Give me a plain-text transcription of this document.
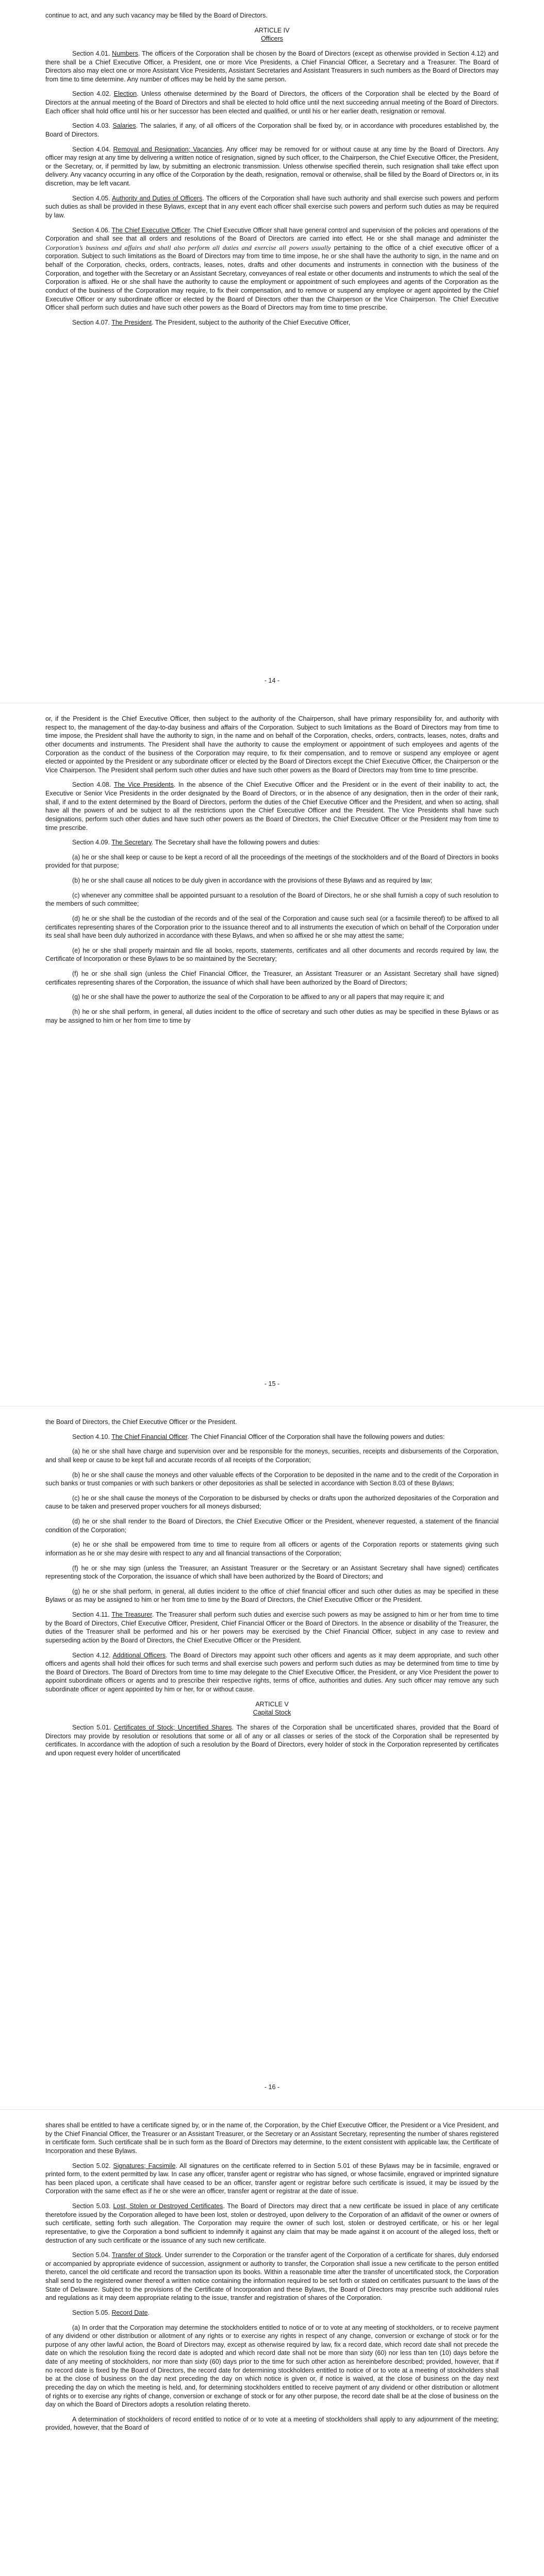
continue to act, and any such vacancy may be filled by the Board of Directors.

ARTICLE IV
Officers

Section 4.01. Numbers. The officers of the Corporation shall be chosen by the Board of Directors (except as otherwise provided in Section 4.12) and there shall be a Chief Executive Officer, a President, one or more Vice Presidents, a Chief Financial Officer, a Secretary and a Treasurer. The Board of Directors also may elect one or more Assistant Vice Presidents, Assistant Secretaries and Assistant Treasurers in such numbers as the Board of Directors may from time to time determine. Any number of offices may be held by the same person.

Section 4.02. Election. Unless otherwise determined by the Board of Directors, the officers of the Corporation shall be elected by the Board of Directors at the annual meeting of the Board of Directors and shall be elected to hold office until the next succeeding annual meeting of the Board of Directors. Each officer shall hold office until his or her successor has been elected and qualified, or until his or her earlier death, resignation or removal.

Section 4.03. Salaries. The salaries, if any, of all officers of the Corporation shall be fixed by, or in accordance with procedures established by, the Board of Directors.

Section 4.04. Removal and Resignation; Vacancies. Any officer may be removed for or without cause at any time by the Board of Directors. Any officer may resign at any time by delivering a written notice of resignation, signed by such officer, to the Chairperson, the Chief Executive Officer, the President, or the Secretary, or, if permitted by law, by submitting an electronic transmission. Unless otherwise specified therein, such resignation shall take effect upon delivery. Any vacancy occurring in any office of the Corporation by the death, resignation, removal or otherwise, shall be filled by the Board of Directors or, in its discretion, may be left vacant.

Section 4.05. Authority and Duties of Officers. The officers of the Corporation shall have such authority and shall exercise such powers and perform such duties as shall be provided in these Bylaws, except that in any event each officer shall exercise such powers and perform such duties as may be required by law.

Section 4.06. The Chief Executive Officer. The Chief Executive Officer shall have general control and supervision of the policies and operations of the Corporation and shall see that all orders and resolutions of the Board of Directors are carried into effect. He or she shall manage and administer the Corporation’s business and affairs and shall also perform all duties and exercise all powers usually pertaining to the office of a chief executive officer of a corporation. Subject to such limitations as the Board of Directors may from time to time impose, he or she shall have the authority to sign, in the name and on behalf of the Corporation, checks, orders, contracts, leases, notes, drafts and other documents and instruments in connection with the business of the Corporation, and together with the Secretary or an Assistant Secretary, conveyances of real estate or other documents and instruments to which the seal of the Corporation is affixed. He or she shall have the authority to cause the employment or appointment of such employees and agents of the Corporation as the conduct of the business of the Corporation may require, to fix their compensation, and to remove or suspend any employee or agent appointed by the Chief Executive Officer or any subordinate officer or elected by the Board of Directors other than the Chairperson or the Vice Chairperson. The Chief Executive Officer shall perform such duties and have such other powers as the Board of Directors may from time to time prescribe.

Section 4.07. The President. The President, subject to the authority of the Chief Executive Officer,

- 14 -

or, if the President is the Chief Executive Officer, then subject to the authority of the Chairperson, shall have primary responsibility for, and authority with respect to, the management of the day-to-day business and affairs of the Corporation. Subject to such limitations as the Board of Directors may from time to time impose, the President shall have the authority to sign, in the name and on behalf of the Corporation, checks, orders, contracts, leases, notes, drafts and other documents and instruments. The President shall have the authority to cause the employment or appointment of such employees and agents of the Corporation as the conduct of the business of the Corporation may require, to fix their compensation, and to remove or suspend any employee or agent elected or appointed by the President or any subordinate officer or elected by the Board of Directors except the Chief Executive Officer, the Chairperson or the Vice Chairperson. The President shall perform such other duties and have such other powers as the Board of Directors may from time to time prescribe.

Section 4.08. The Vice Presidents. In the absence of the Chief Executive Officer and the President or in the event of their inability to act, the Executive or Senior Vice Presidents in the order designated by the Board of Directors, or in the absence of any designation, then in the order of their rank, shall, if and to the extent determined by the Board of Directors, perform the duties of the Chief Executive Officer and the President, and when so acting, shall have all the powers of and be subject to all the restrictions upon the Chief Executive Officer and the President. The Vice Presidents shall have such designations, perform such other duties and have such other powers as the Board of Directors, the Chief Executive Officer or the President may from time to time prescribe.

Section 4.09. The Secretary. The Secretary shall have the following powers and duties:

(a) he or she shall keep or cause to be kept a record of all the proceedings of the meetings of the stockholders and of the Board of Directors in books provided for that purpose;

(b) he or she shall cause all notices to be duly given in accordance with the provisions of these Bylaws and as required by law;

(c) whenever any committee shall be appointed pursuant to a resolution of the Board of Directors, he or she shall furnish a copy of such resolution to the members of such committee;

(d) he or she shall be the custodian of the records and of the seal of the Corporation and cause such seal (or a facsimile thereof) to be affixed to all certificates representing shares of the Corporation prior to the issuance thereof and to all instruments the execution of which on behalf of the Corporation under its seal shall have been duly authorized in accordance with these Bylaws, and when so affixed he or she may attest the same;

(e) he or she shall properly maintain and file all books, reports, statements, certificates and all other documents and records required by law, the Certificate of Incorporation or these Bylaws to be so maintained by the Secretary;

(f) he or she shall sign (unless the Chief Financial Officer, the Treasurer, an Assistant Treasurer or an Assistant Secretary shall have signed) certificates representing shares of the Corporation, the issuance of which shall have been authorized by the Board of Directors;

(g) he or she shall have the power to authorize the seal of the Corporation to be affixed to any or all papers that may require it; and

(h) he or she shall perform, in general, all duties incident to the office of secretary and such other duties as may be specified in these Bylaws or as may be assigned to him or her from time to time by

- 15 -

the Board of Directors, the Chief Executive Officer or the President.

Section 4.10. The Chief Financial Officer. The Chief Financial Officer of the Corporation shall have the following powers and duties:

(a) he or she shall have charge and supervision over and be responsible for the moneys, securities, receipts and disbursements of the Corporation, and shall keep or cause to be kept full and accurate records of all receipts of the Corporation;

(b) he or she shall cause the moneys and other valuable effects of the Corporation to be deposited in the name and to the credit of the Corporation in such banks or trust companies or with such bankers or other depositories as shall be selected in accordance with Section 8.03 of these Bylaws;

(c) he or she shall cause the moneys of the Corporation to be disbursed by checks or drafts upon the authorized depositaries of the Corporation and cause to be taken and preserved proper vouchers for all moneys disbursed;

(d) he or she shall render to the Board of Directors, the Chief Executive Officer or the President, whenever requested, a statement of the financial condition of the Corporation;

(e) he or she shall be empowered from time to time to require from all officers or agents of the Corporation reports or statements giving such information as he or she may desire with respect to any and all financial transactions of the Corporation;

(f) he or she may sign (unless the Treasurer, an Assistant Treasurer or the Secretary or an Assistant Secretary shall have signed) certificates representing stock of the Corporation, the issuance of which shall have been authorized by the Board of Directors; and

(g) he or she shall perform, in general, all duties incident to the office of chief financial officer and such other duties as may be specified in these Bylaws or as may be assigned to him or her from time to time by the Board of Directors, the Chief Executive Officer or the President.

Section 4.11. The Treasurer. The Treasurer shall perform such duties and exercise such powers as may be assigned to him or her from time to time by the Board of Directors, Chief Executive Officer, President, Chief Financial Officer or the Board of Directors. In the absence or disability of the Treasurer, the duties of the Treasurer shall be performed and his or her powers may be exercised by the Chief Financial Officer, subject in any case to review and superseding action by the Board of Directors, the Chief Executive Officer or the President.

Section 4.12. Additional Officers. The Board of Directors may appoint such other officers and agents as it may deem appropriate, and such other officers and agents shall hold their offices for such terms and shall exercise such powers and perform such duties as may be determined from time to time by the Board of Directors. The Board of Directors from time to time may delegate to the Chief Executive Officer, the President, or any Vice President the power to appoint subordinate officers or agents and to prescribe their respective rights, terms of office, authorities and duties. Any such officer may remove any such subordinate officer or agent appointed by him or her, for or without cause.

ARTICLE V
Capital Stock

Section 5.01. Certificates of Stock; Uncertified Shares. The shares of the Corporation shall be uncertificated shares, provided that the Board of Directors may provide by resolution or resolutions that some or all of any or all classes or series of the stock of the Corporation shall be represented by certificates. In accordance with the adoption of such a resolution by the Board of Directors, every holder of stock in the Corporation represented by certificates and upon request every holder of uncertificated

- 16 -

shares shall be entitled to have a certificate signed by, or in the name of, the Corporation, by the Chief Executive Officer, the President or a Vice President, and by the Chief Financial Officer, the Treasurer or an Assistant Treasurer, or the Secretary or an Assistant Secretary, representing the number of shares registered in certificate form. Such certificate shall be in such form as the Board of Directors may determine, to the extent consistent with applicable law, the Certificate of Incorporation and these Bylaws.

Section 5.02. Signatures; Facsimile. All signatures on the certificate referred to in Section 5.01 of these Bylaws may be in facsimile, engraved or printed form, to the extent permitted by law. In case any officer, transfer agent or registrar who has signed, or whose facsimile, engraved or imprinted signature has been placed upon, a certificate shall have ceased to be an officer, transfer agent or registrar before such certificate is issued, it may be issued by the Corporation with the same effect as if he or she were an officer, transfer agent or registrar at the date of issue.

Section 5.03. Lost, Stolen or Destroyed Certificates. The Board of Directors may direct that a new certificate be issued in place of any certificate theretofore issued by the Corporation alleged to have been lost, stolen or destroyed, upon delivery to the Corporation of an affidavit of the owner or owners of such certificate, setting forth such allegation. The Corporation may require the owner of such lost, stolen or destroyed certificate, or his or her legal representative, to give the Corporation a bond sufficient to indemnify it against any claim that may be made against it on account of the alleged loss, theft or destruction of any such certificate or the issuance of any such new certificate.

Section 5.04. Transfer of Stock. Under surrender to the Corporation or the transfer agent of the Corporation of a certificate for shares, duly endorsed or accompanied by appropriate evidence of succession, assignment or authority to transfer, the Corporation shall issue a new certificate to the person entitled thereto, cancel the old certificate and record the transaction upon its books. Within a reasonable time after the transfer of uncertificated stock, the Corporation shall send to the registered owner thereof a written notice containing the information required to be set forth or stated on certificates pursuant to the laws of the State of Delaware. Subject to the provisions of the Certificate of Incorporation and these Bylaws, the Board of Directors may prescribe such additional rules and regulations as it may deem appropriate relating to the issue, transfer and registration of shares of the Corporation.

Section 5.05. Record Date.

(a) In order that the Corporation may determine the stockholders entitled to notice of or to vote at any meeting of stockholders, or to receive payment of any dividend or other distribution or allotment of any rights or to exercise any rights in respect of any change, conversion or exchange of stock or for the purpose of any other lawful action, the Board of Directors may, except as otherwise required by law, fix a record date, which record date shall not precede the date on which the resolution fixing the record date is adopted and which record date shall not be more than sixty (60) nor less than ten (10) days before the date of any meeting of stockholders, nor more than sixty (60) days prior to the time for such other action as hereinbefore described; provided, however, that if no record date is fixed by the Board of Directors, the record date for determining stockholders entitled to notice of or to vote at a meeting of stockholders shall be at the close of business on the day next preceding the day on which notice is given or, if notice is waived, at the close of business on the day next preceding the day on which the meeting is held, and, for determining stockholders entitled to receive payment of any dividend or other distribution or allotment of rights or to exercise any rights of change, conversion or exchange of stock or for any other purpose, the record date shall be at the close of business on the day on which the Board of Directors adopts a resolution relating thereto.

A determination of stockholders of record entitled to notice of or to vote at a meeting of stockholders shall apply to any adjournment of the meeting; provided, however, that the Board of
